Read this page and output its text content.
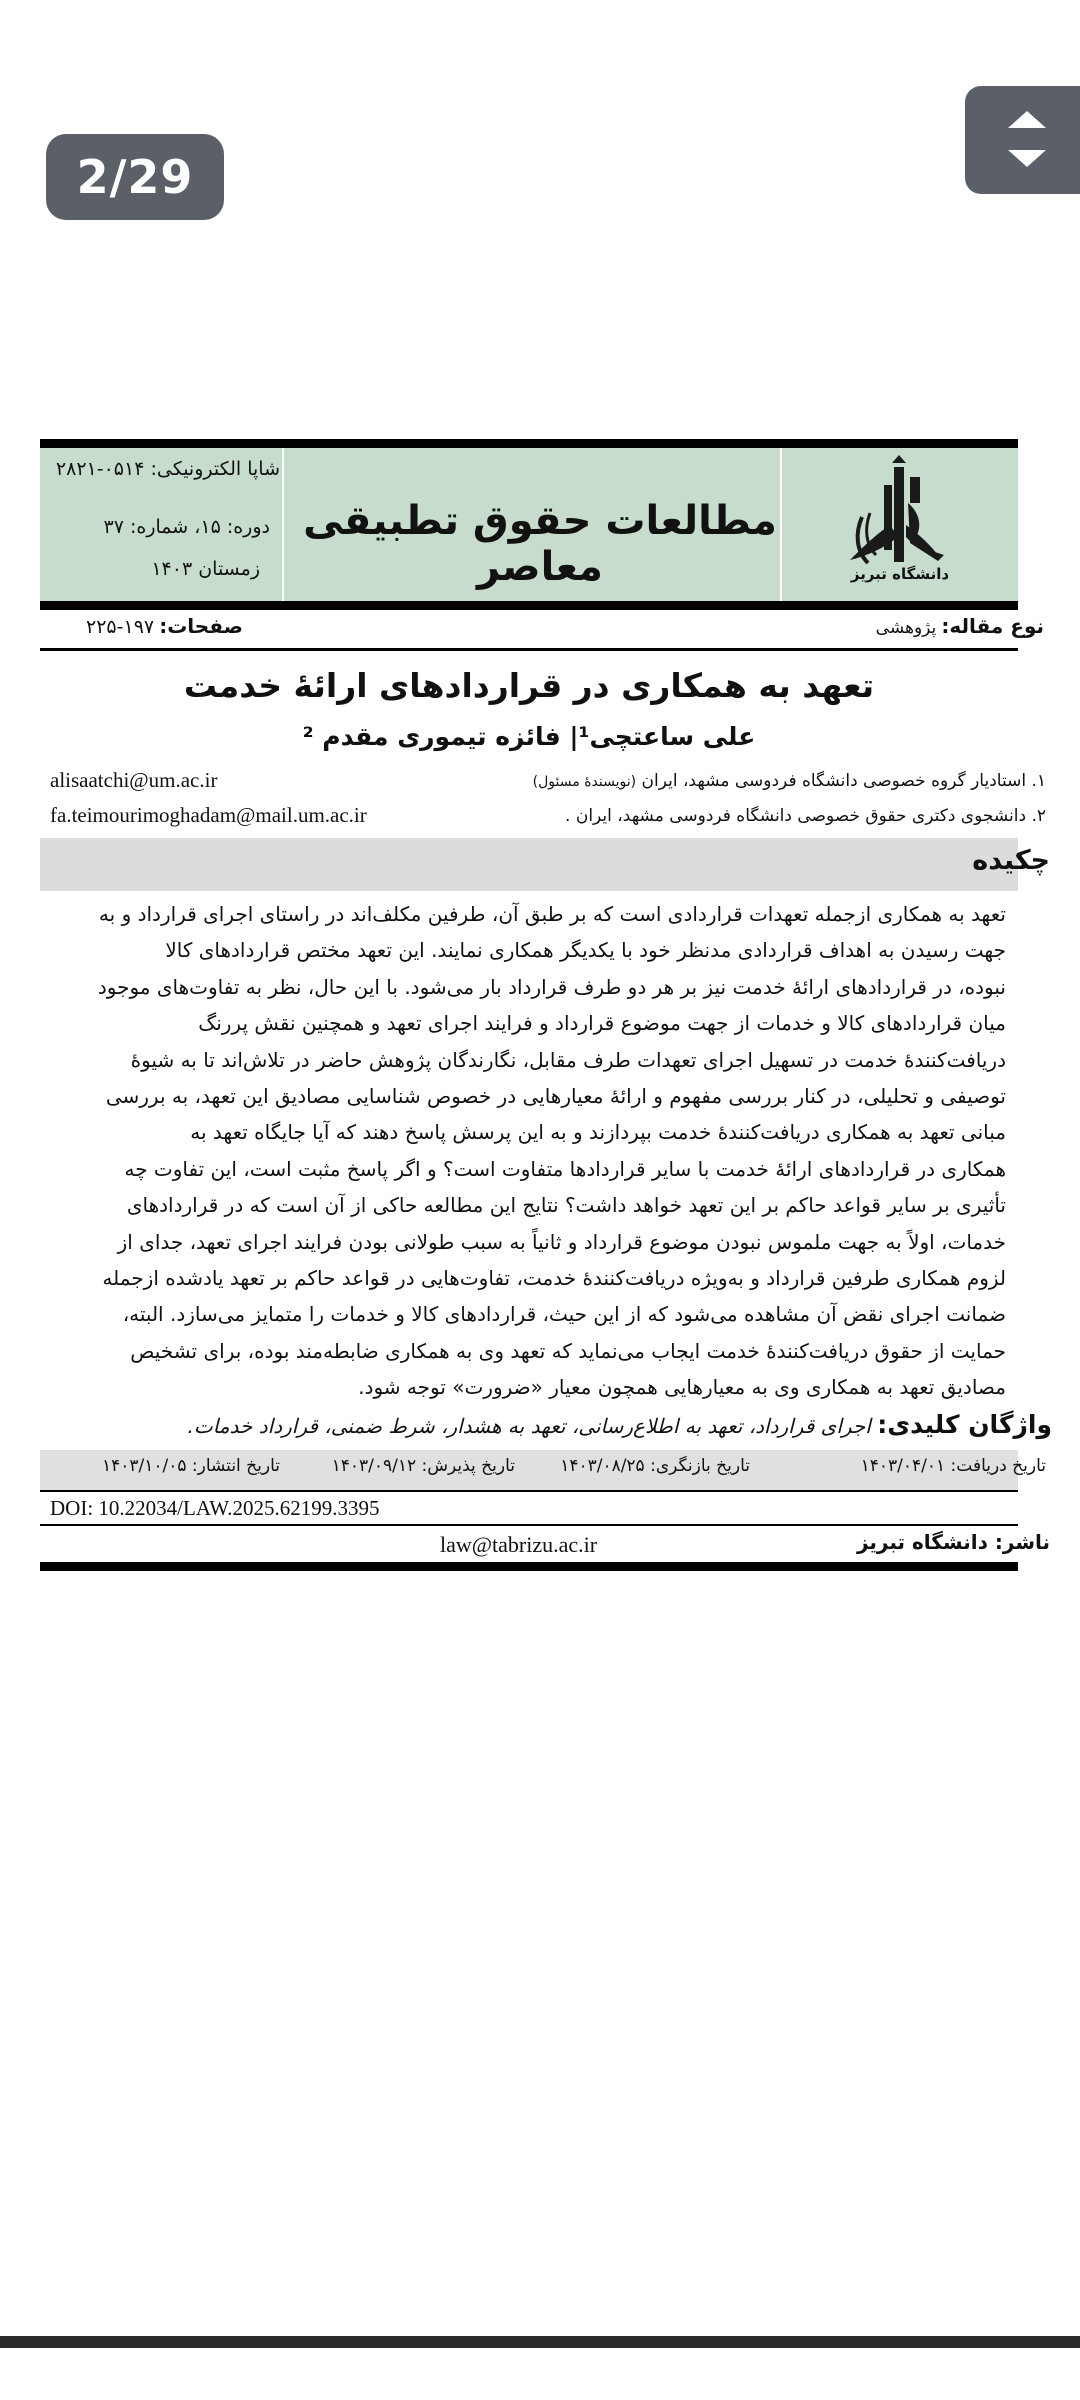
2/29
دانشگاه تبریز
مطالعات حقوق تطبیقی معاصر
شاپا الکترونیکی: ۰۵۱۴-۲۸۲۱
دوره: ۱۵، شماره: ۳۷
زمستان ۱۴۰۳
نوع مقاله: پژوهشی
صفحات: ۱۹۷-۲۲۵
تعهد به همکاری در قراردادهای ارائهٔ خدمت
علی ساعتچی¹| فائزه تیموری مقدم ²
۱. استادیار گروه خصوصی دانشگاه فردوسی مشهد، ایران (نویسندهٔ مسئول)
alisaatchi@um.ac.ir
۲. دانشجوی دکتری حقوق خصوصی دانشگاه فردوسی مشهد، ایران .
fa.teimourimoghadam@mail.um.ac.ir
چکیده
تعهد به همکاری ازجمله تعهدات قراردادی است که بر طبق آن، طرفین مکلف‌اند در راستای اجرای قرارداد و به
جهت رسیدن به اهداف قراردادی مدنظر خود با یکدیگر همکاری نمایند. این تعهد مختص قراردادهای کالا
نبوده، در قراردادهای ارائهٔ خدمت نیز بر هر دو طرف قرارداد بار می‌شود. با این حال، نظر به تفاوت‌های موجود
میان قراردادهای کالا و خدمات از جهت موضوع قرارداد و فرایند اجرای تعهد و همچنین نقش پررنگ
دریافت‌کنندهٔ خدمت در تسهیل اجرای تعهدات طرف مقابل، نگارندگان پژوهش حاضر در تلاش‌اند تا به شیوهٔ
توصیفی و تحلیلی، در کنار بررسی مفهوم و ارائهٔ معیارهایی در خصوص شناسایی مصادیق این تعهد، به بررسی
مبانی تعهد به همکاری دریافت‌کنندهٔ خدمت بپردازند و به این پرسش پاسخ دهند که آیا جایگاه تعهد به
همکاری در قراردادهای ارائهٔ خدمت با سایر قراردادها متفاوت است؟ و اگر پاسخ مثبت است، این تفاوت چه
تأثیری بر سایر قواعد حاکم بر این تعهد خواهد داشت؟ نتایج این مطالعه حاکی از آن است که در قراردادهای
خدمات، اولاً به جهت ملموس نبودن موضوع قرارداد و ثانیاً به سبب طولانی بودن فرایند اجرای تعهد، جدای از
لزوم همکاری طرفین قرارداد و به‌ویژه دریافت‌کنندهٔ خدمت، تفاوت‌هایی در قواعد حاکم بر تعهد یادشده ازجمله
ضمانت اجرای نقض آن مشاهده می‌شود که از این حیث، قراردادهای کالا و خدمات را متمایز می‌سازد. البته،
حمایت از حقوق دریافت‌کنندهٔ خدمت ایجاب می‌نماید که تعهد وی به همکاری ضابطه‌مند بوده، برای تشخیص
مصادیق تعهد به همکاری وی به معیارهایی همچون معیار «ضرورت» توجه شود.
واژگان کلیدی: اجرای قرارداد، تعهد به اطلاع‌رسانی، تعهد به هشدار، شرط ضمنی، قرارداد خدمات.
تاریخ دریافت: ۱۴۰۳/۰۴/۰۱
تاریخ بازنگری: ۱۴۰۳/۰۸/۲۵
تاریخ پذیرش: ۱۴۰۳/۰۹/۱۲
تاریخ انتشار: ۱۴۰۳/۱۰/۰۵
DOI: 10.22034/LAW.2025.62199.3395
ناشر: دانشگاه تبریز
law@tabrizu.ac.ir
